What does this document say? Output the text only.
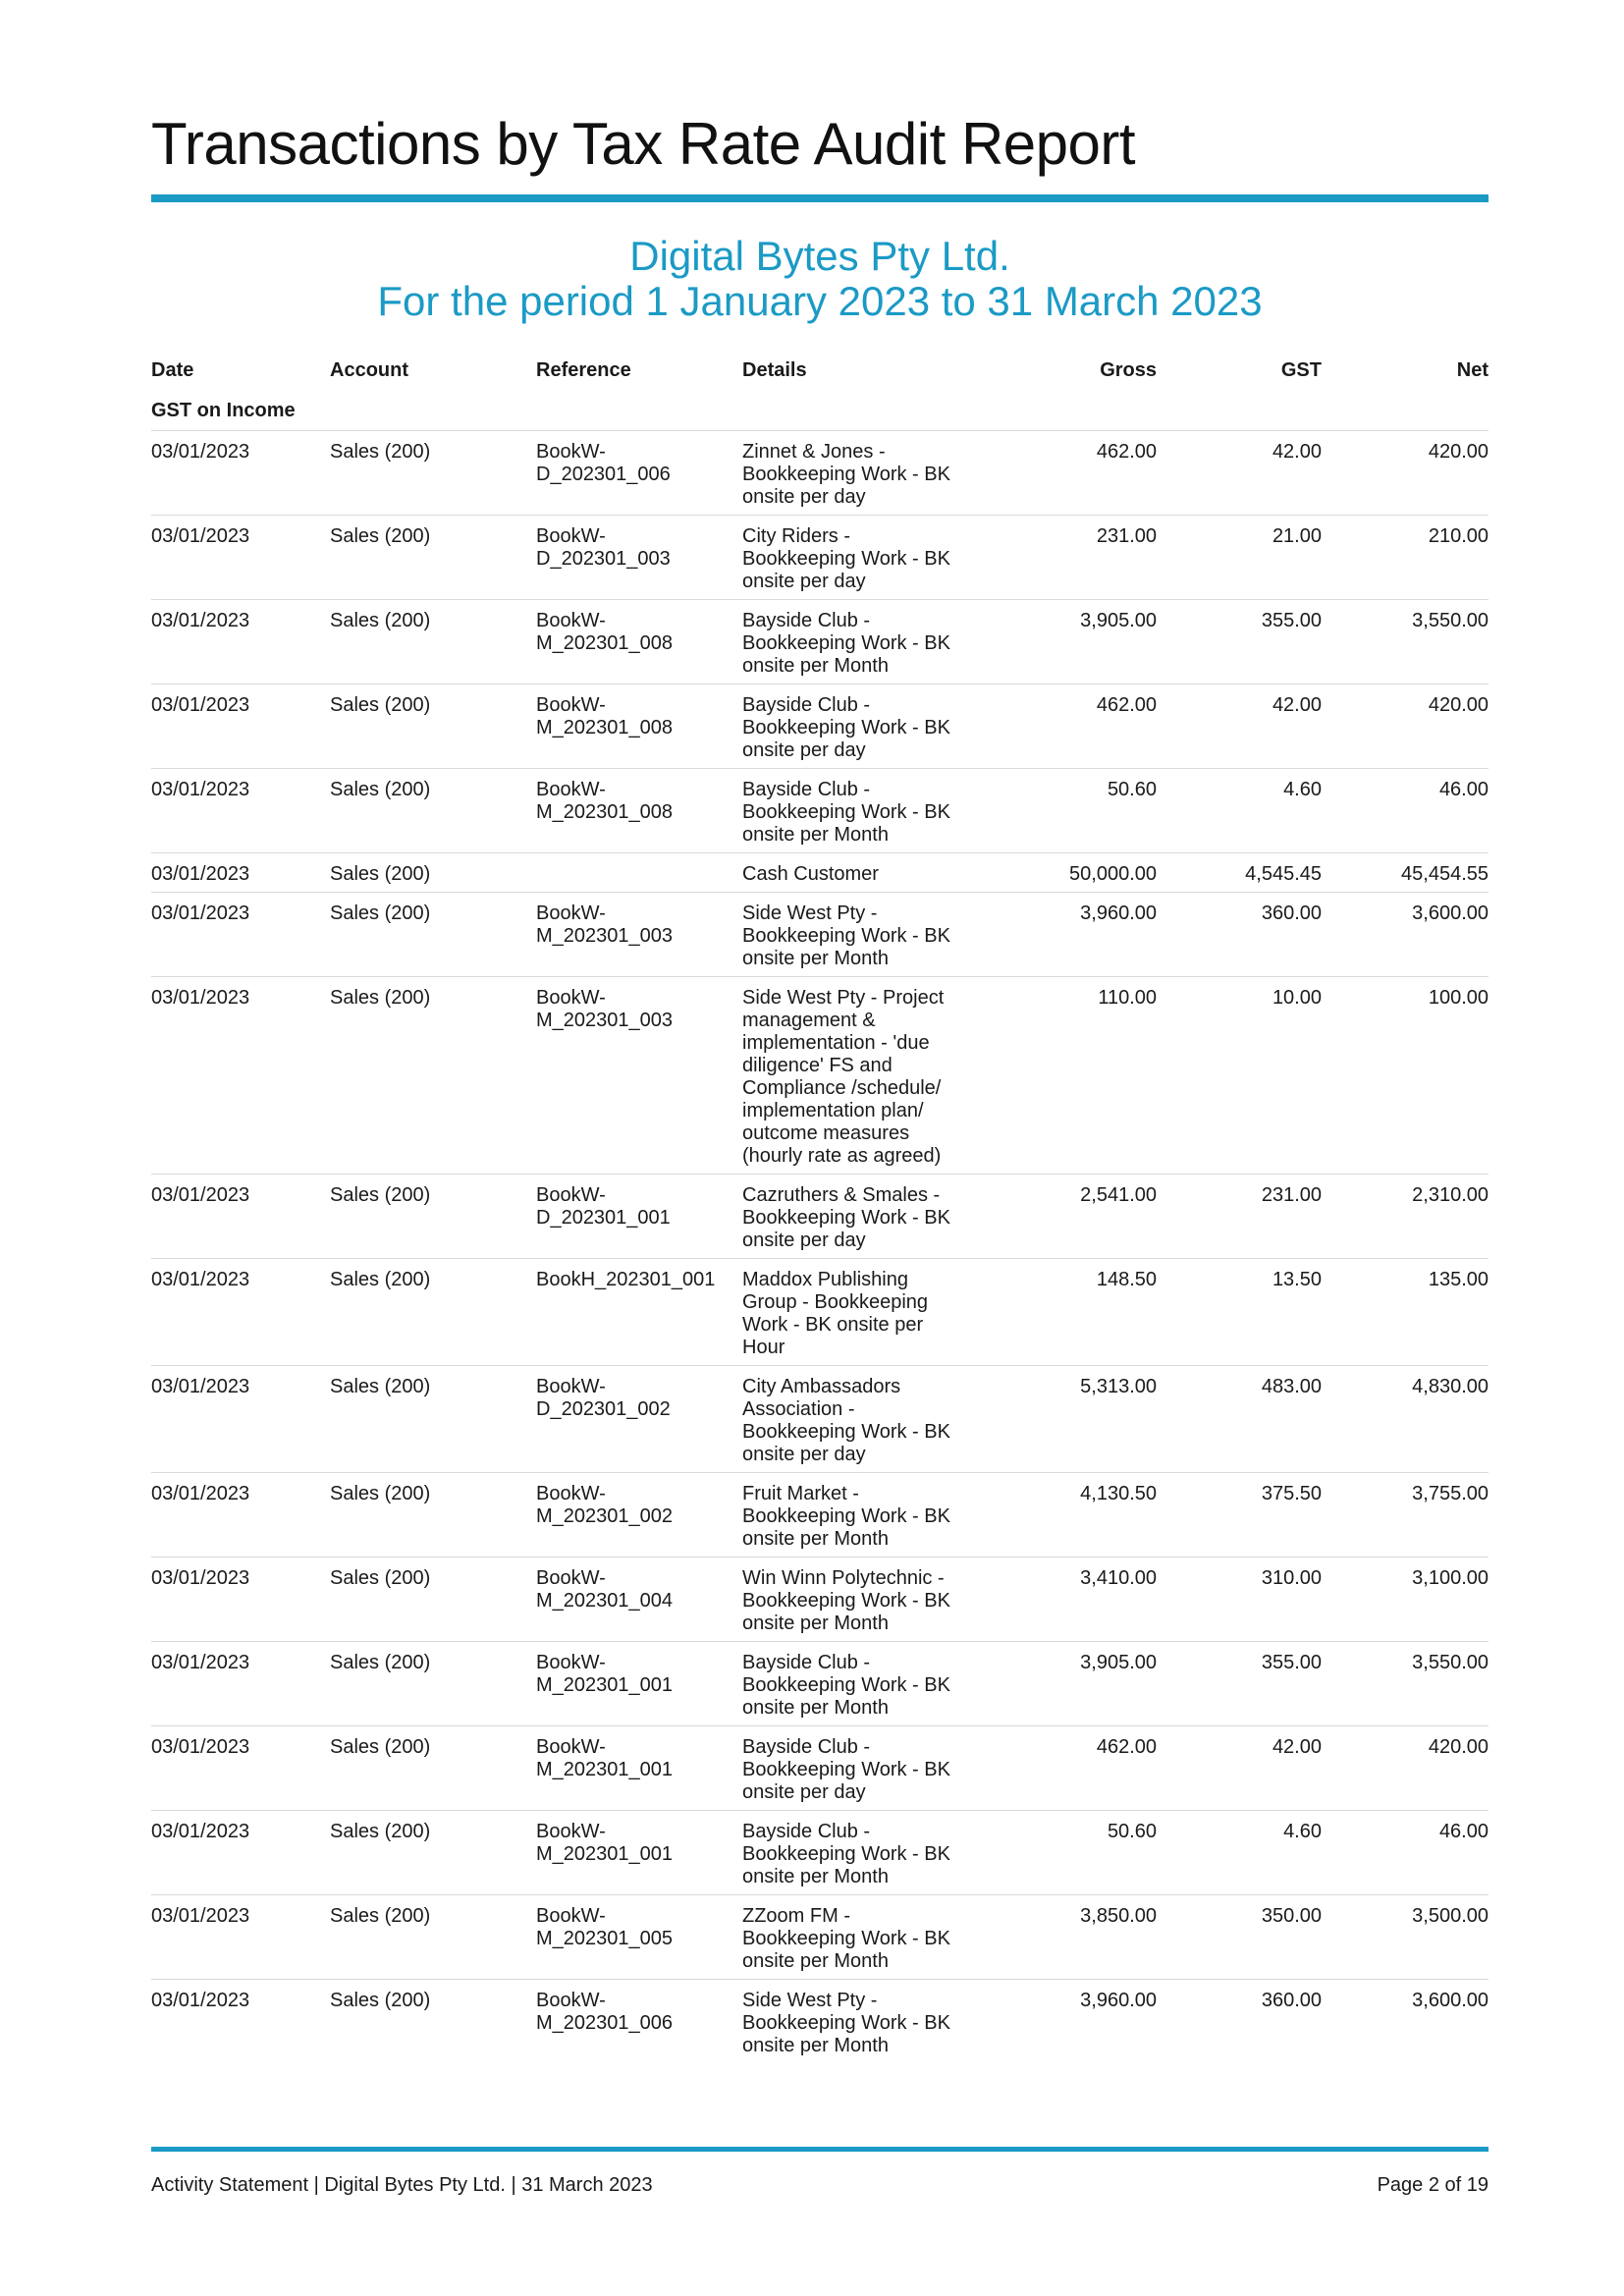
Transactions by Tax Rate Audit Report
Digital Bytes Pty Ltd.
For the period 1 January 2023 to 31 March 2023
Date	Account	Reference	Details	Gross	GST	Net
GST on Income						
03/01/2023	Sales (200)	BookW-D_202301_006	Zinnet & Jones - Bookkeeping Work - BK onsite per day	462.00	42.00	420.00
03/01/2023	Sales (200)	BookW-D_202301_003	City Riders - Bookkeeping Work - BK onsite per day	231.00	21.00	210.00
03/01/2023	Sales (200)	BookW-M_202301_008	Bayside Club - Bookkeeping Work - BK onsite per Month	3,905.00	355.00	3,550.00
03/01/2023	Sales (200)	BookW-M_202301_008	Bayside Club - Bookkeeping Work - BK onsite per day	462.00	42.00	420.00
03/01/2023	Sales (200)	BookW-M_202301_008	Bayside Club - Bookkeeping Work - BK onsite per Month	50.60	4.60	46.00
03/01/2023	Sales (200)		Cash Customer	50,000.00	4,545.45	45,454.55
03/01/2023	Sales (200)	BookW-M_202301_003	Side West Pty - Bookkeeping Work - BK onsite per Month	3,960.00	360.00	3,600.00
03/01/2023	Sales (200)	BookW-M_202301_003	Side West Pty - Project management & implementation - 'due diligence' FS and Compliance /schedule/ implementation plan/ outcome measures (hourly rate as agreed)	110.00	10.00	100.00
03/01/2023	Sales (200)	BookW-D_202301_001	Cazruthers & Smales - Bookkeeping Work - BK onsite per day	2,541.00	231.00	2,310.00
03/01/2023	Sales (200)	BookH_202301_001	Maddox Publishing Group - Bookkeeping Work - BK onsite per Hour	148.50	13.50	135.00
03/01/2023	Sales (200)	BookW-D_202301_002	City Ambassadors Association - Bookkeeping Work - BK onsite per day	5,313.00	483.00	4,830.00
03/01/2023	Sales (200)	BookW-M_202301_002	Fruit Market - Bookkeeping Work - BK onsite per Month	4,130.50	375.50	3,755.00
03/01/2023	Sales (200)	BookW-M_202301_004	Win Winn Polytechnic - Bookkeeping Work - BK onsite per Month	3,410.00	310.00	3,100.00
03/01/2023	Sales (200)	BookW-M_202301_001	Bayside Club - Bookkeeping Work - BK onsite per Month	3,905.00	355.00	3,550.00
03/01/2023	Sales (200)	BookW-M_202301_001	Bayside Club - Bookkeeping Work - BK onsite per day	462.00	42.00	420.00
03/01/2023	Sales (200)	BookW-M_202301_001	Bayside Club - Bookkeeping Work - BK onsite per Month	50.60	4.60	46.00
03/01/2023	Sales (200)	BookW-M_202301_005	ZZoom FM - Bookkeeping Work - BK onsite per Month	3,850.00	350.00	3,500.00
03/01/2023	Sales (200)	BookW-M_202301_006	Side West Pty - Bookkeeping Work - BK onsite per Month	3,960.00	360.00	3,600.00
Activity Statement | Digital Bytes Pty Ltd. | 31 March 2023	Page 2 of 19
